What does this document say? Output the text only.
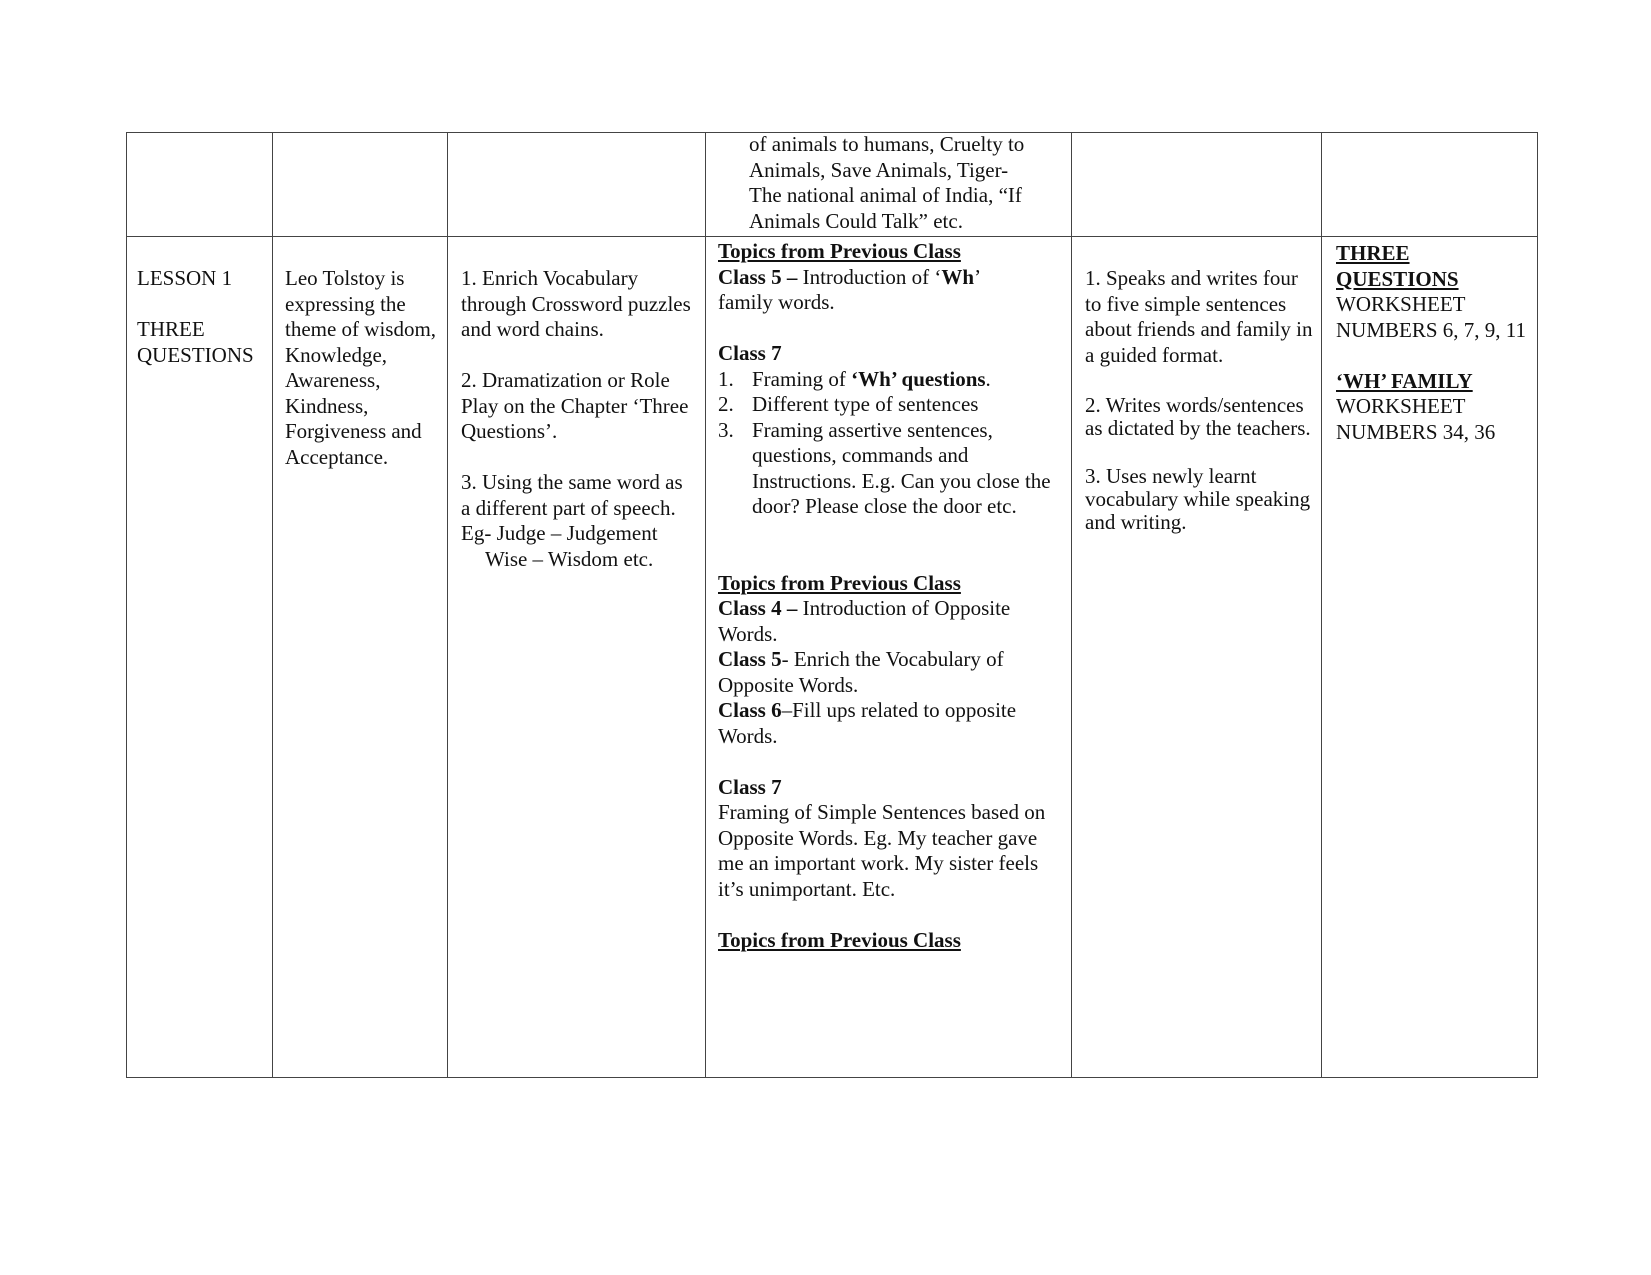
of animals to humans, Cruelty to

Animals, Save Animals, Tiger-

The national animal of India, “If

Animals Could Talk” etc.

LESSON 1

THREE QUESTIONS

Leo Tolstoy is expressing the theme of wisdom, Knowledge, Awareness, Kindness, Forgiveness and Acceptance.

1. Enrich Vocabulary through Crossword puzzles and word chains.

2. Dramatization or Role Play on the Chapter ‘Three Questions’.

3. Using the same word as a different part of speech.

Eg- Judge – Judgement

Wise – Wisdom etc.

Topics from Previous Class

Class 5 – Introduction of ‘Wh’

family words.

Class 7

1. Framing of ‘Wh’ questions.
2. Different type of sentences
3. Framing assertive sentences, questions, commands and Instructions. E.g. Can you close the door? Please close the door etc.

Topics from Previous Class

Class 4 – Introduction of Opposite Words.

Class 5- Enrich the Vocabulary of Opposite Words.

Class 6–Fill ups related to opposite Words.

Class 7

Framing of Simple Sentences based on Opposite Words. Eg. My teacher gave me an important work. My sister feels it’s unimportant. Etc.

Topics from Previous Class

1. Speaks and writes four to five simple sentences about friends and family in a guided format.

2. Writes words/sentences as dictated by the teachers.

3. Uses newly learnt vocabulary while speaking and writing.

THREE QUESTIONS

WORKSHEET NUMBERS 6, 7, 9, 11

‘WH’ FAMILY

WORKSHEET NUMBERS 34, 36
